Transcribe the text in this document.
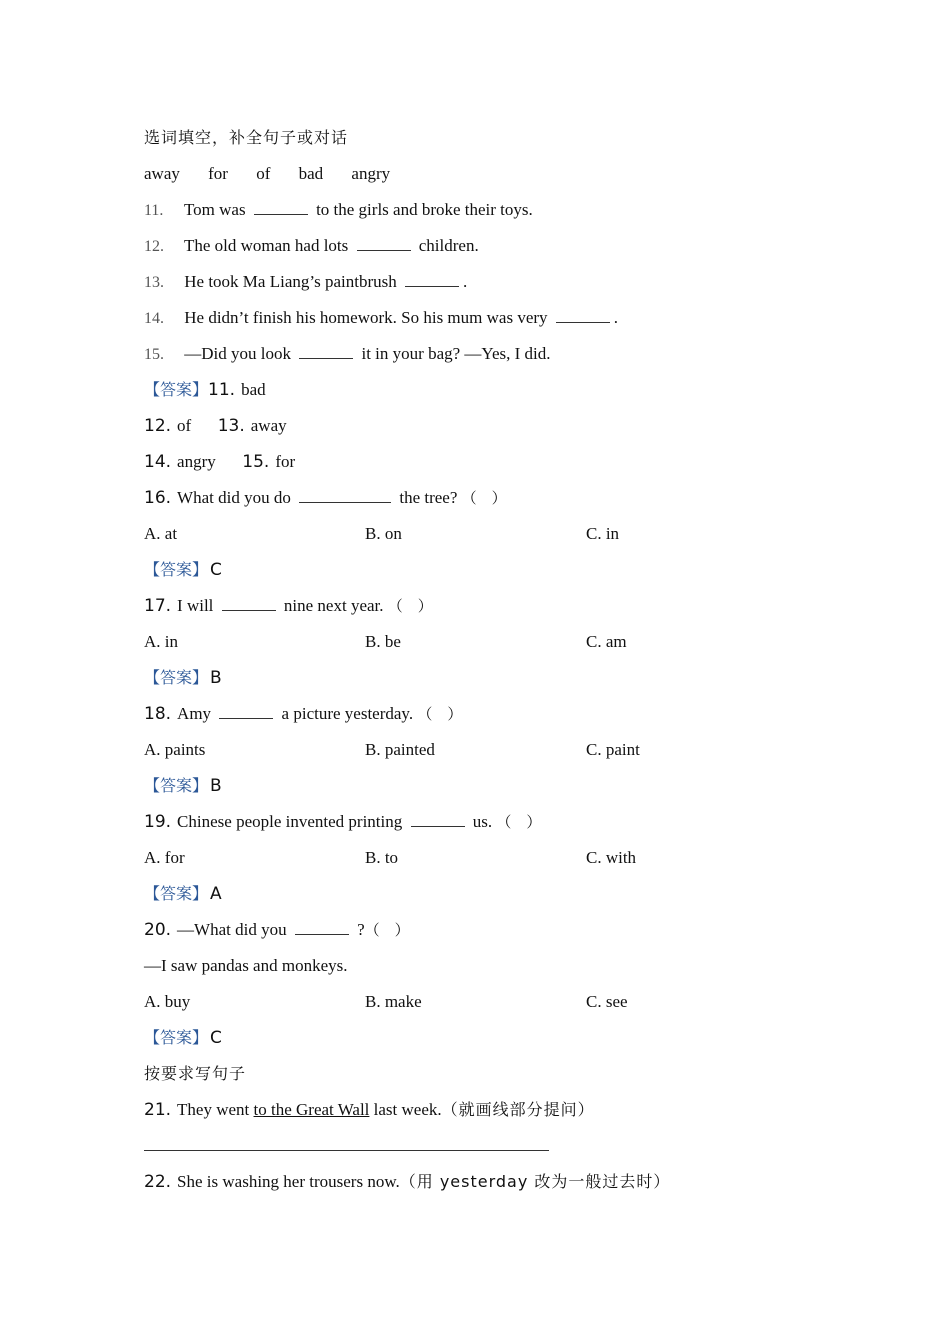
选词填空，补全句子或对话
away for of bad angry
11. Tom was	to the girls and broke their toys.
12. The old woman had lots	children.
13. He took Ma Liang’s paintbrush	.
14. He didn’t finish his homework. So his mum was very	.
15. —Did you look	it in your bag? —Yes, I did.
【答案】11. bad
12. of 13. away
14. angry 15. for
16. What did you do	the tree? （　）
A. at	B. on	C. in
【答案】 C
17. I will	nine next year. （　）
A. in	B. be	C. am
【答案】 B
18. Amy	a picture yesterday. （　）
A. paints	B. painted	C. paint
【答案】 B
19. Chinese people invented printing	us. （　）
A. for	B. to	C. with
【答案】 A
20. —What did you	?（　）
—I saw pandas and monkeys.
A. buy	B. make	C. see
【答案】 C
按要求写句子
21. They went to the Great Wall last week.（就画线部分提问）
22. She is washing her trousers now.（用 yesterday 改为一般过去时）
